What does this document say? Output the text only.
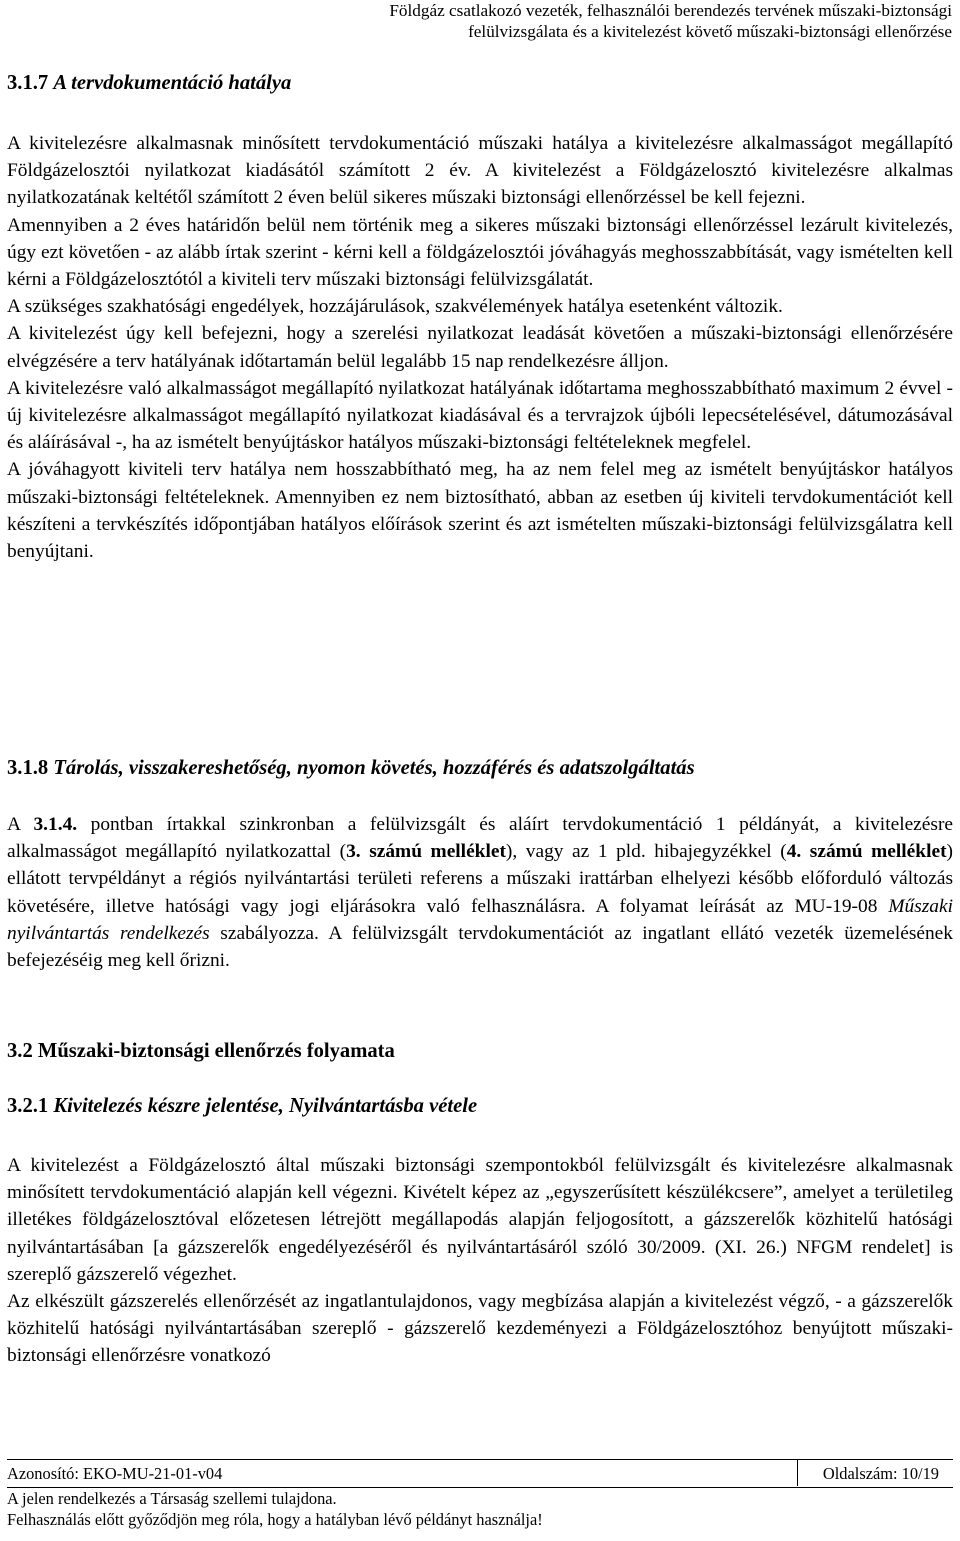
Földgáz csatlakozó vezeték, felhasználói berendezés tervének műszaki-biztonsági
felülvizsgálata és a kivitelezést követő műszaki-biztonsági ellenőrzése
3.1.7 A tervdokumentáció hatálya

A kivitelezésre alkalmasnak minősített tervdokumentáció műszaki hatálya a kivitelezésre alkalmasságot megállapító Földgázelosztói nyilatkozat kiadásától számított 2 év. A kivitelezést a Földgázelosztó kivitelezésre alkalmas nyilatkozatának keltétől számított 2 éven belül sikeres műszaki biztonsági ellenőrzéssel be kell fejezni.

Amennyiben a 2 éves határidőn belül nem történik meg a sikeres műszaki biztonsági ellenőrzéssel lezárult kivitelezés, úgy ezt követően - az alább írtak szerint - kérni kell a földgázelosztói jóváhagyás meghosszabbítását, vagy ismételten kell kérni a Földgázelosztótól a kiviteli terv műszaki biztonsági felülvizsgálatát.

A szükséges szakhatósági engedélyek, hozzájárulások, szakvélemények hatálya esetenként változik.

A kivitelezést úgy kell befejezni, hogy a szerelési nyilatkozat leadását követően a műszaki-biztonsági ellenőrzésére elvégzésére a terv hatályának időtartamán belül legalább 15 nap rendelkezésre álljon.

A kivitelezésre való alkalmasságot megállapító nyilatkozat hatályának időtartama meghosszabbítható maximum 2 évvel - új kivitelezésre alkalmasságot megállapító nyilatkozat kiadásával és a tervrajzok újbóli lepecsételésével, dátumozásával és aláírásával -, ha az ismételt benyújtáskor hatályos műszaki-biztonsági feltételeknek megfelel.

A jóváhagyott kiviteli terv hatálya nem hosszabbítható meg, ha az nem felel meg az ismételt benyújtáskor hatályos műszaki-biztonsági feltételeknek. Amennyiben ez nem biztosítható, abban az esetben új kiviteli tervdokumentációt kell készíteni a tervkészítés időpontjában hatályos előírások szerint és azt ismételten műszaki-biztonsági felülvizsgálatra kell benyújtani.

3.1.8 Tárolás, visszakereshetőség, nyomon követés, hozzáférés és adatszolgáltatás

A 3.1.4. pontban írtakkal szinkronban a felülvizsgált és aláírt tervdokumentáció 1 példányát, a kivitelezésre alkalmasságot megállapító nyilatkozattal (3. számú melléklet), vagy az 1 pld. hibajegyzékkel (4. számú melléklet) ellátott tervpéldányt a régiós nyilvántartási területi referens a műszaki irattárban elhelyezi később előforduló változás követésére, illetve hatósági vagy jogi eljárásokra való felhasználásra. A folyamat leírását az MU-19-08 Műszaki nyilvántartás rendelkezés szabályozza. A felülvizsgált tervdokumentációt az ingatlant ellátó vezeték üzemelésének befejezéséig meg kell őrizni.

3.2 Műszaki-biztonsági ellenőrzés folyamata
3.2.1 Kivitelezés készre jelentése, Nyilvántartásba vétele

A kivitelezést a Földgázelosztó által műszaki biztonsági szempontokból felülvizsgált és kivitelezésre alkalmasnak minősített tervdokumentáció alapján kell végezni. Kivételt képez az „egyszerűsített készülékcsere”, amelyet a területileg illetékes földgázelosztóval előzetesen létrejött megállapodás alapján feljogosított, a gázszerelők közhitelű hatósági nyilvántartásában [a gázszerelők engedélyezéséről és nyilvántartásáról szóló 30/2009. (XI. 26.) NFGM rendelet] is szereplő gázszerelő végezhet.

Az elkészült gázszerelés ellenőrzését az ingatlantulajdonos, vagy megbízása alapján a kivitelezést végző, - a gázszerelők közhitelű hatósági nyilvántartásában szereplő - gázszerelő kezdeményezi a Földgázelosztóhoz benyújtott műszaki-biztonsági ellenőrzésre vonatkozó

Azonosító: EKO-MU-21-01-v04	Oldalszám: 10/19
A jelen rendelkezés a Társaság szellemi tulajdona.
Felhasználás előtt győződjön meg róla, hogy a hatályban lévő példányt használja!
